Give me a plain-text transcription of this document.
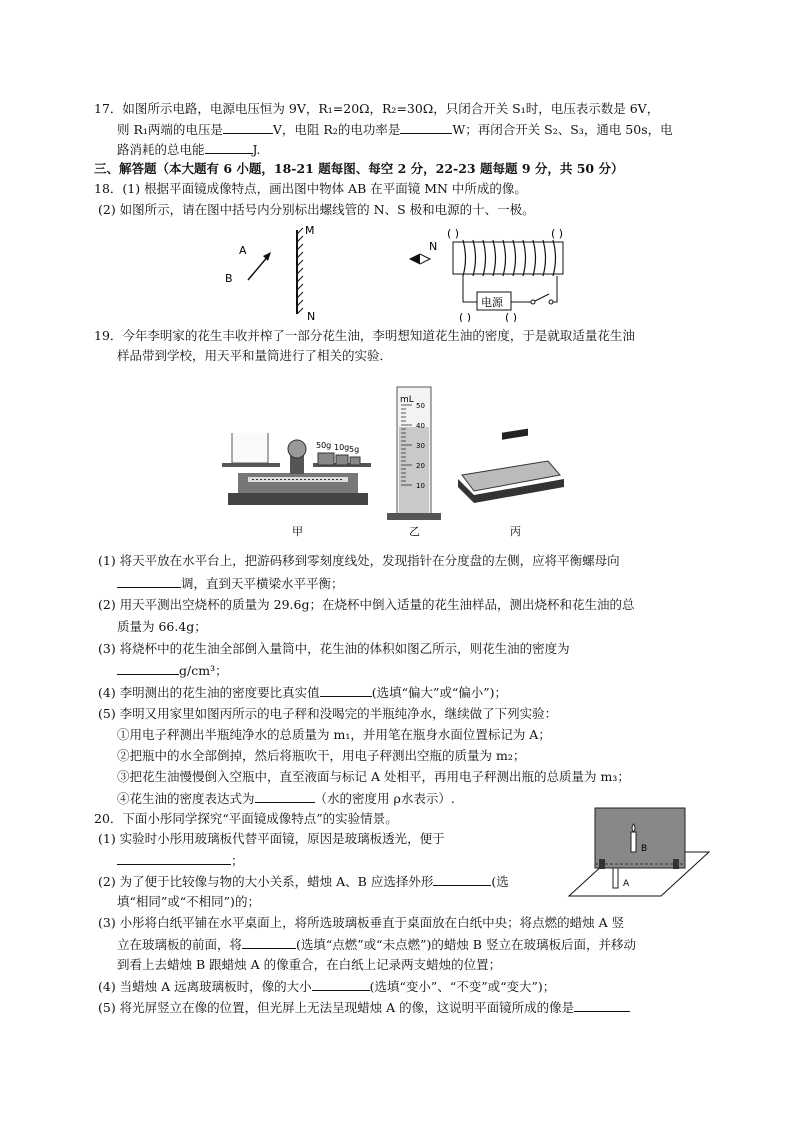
17．如图所示电路，电源电压恒为 9V，R₁=20Ω，R₂=30Ω，只闭合开关 S₁时，电压表示数是 6V，
则 R₁两端的电压是	V，电阻 R₂的电功率是	W；再闭合开关 S₂、S₃，通电 50s，电
路消耗的总电能	J.
三、解答题（本大题有 6 小题，18-21 题每图、每空 2 分，22-23 题每题 9 分，共 50 分）
18．(1) 根据平面镜成像特点，画出图中物体 AB 在平面镜 MN 中所成的像。
(2) 如图所示，请在图中括号内分别标出螺线管的 N、S 极和电源的十、一极。
M
N
A
B
N
电源
( )	( )
( )	( )
19．今年李明家的花生丰收并榨了一部分花生油，李明想知道花生油的密度，于是就取适量花生油
样品带到学校，用天平和量筒进行了相关的实验．
50g 10g 5g
甲
mL
50
40
30
20
10
乙	丙
(1) 将天平放在水平台上，把游码移到零刻度线处，发现指针在分度盘的左侧，应将平衡螺母向
调，直到天平横梁水平平衡；
(2) 用天平测出空烧杯的质量为 29.6g；在烧杯中倒入适量的花生油样品，测出烧杯和花生油的总
质量为 66.4g；
(3) 将烧杯中的花生油全部倒入量筒中，花生油的体积如图乙所示，则花生油的密度为
g/cm³；
(4) 李明测出的花生油的密度要比真实值	(选填“偏大”或“偏小”)；
(5) 李明又用家里如图丙所示的电子秤和没喝完的半瓶纯净水，继续做了下列实验：
①用电子秤测出半瓶纯净水的总质量为 m₁，并用笔在瓶身水面位置标记为 A；
②把瓶中的水全部倒掉，然后将瓶吹干，用电子秤测出空瓶的质量为 m₂；
③把花生油慢慢倒入空瓶中，直至液面与标记 A 处相平，再用电子秤测出瓶的总质量为 m₃；
④花生油的密度表达式为	（水的密度用 ρ水表示）.
20．下面小彤同学探究“平面镜成像特点”的实验情景。
(1) 实验时小彤用玻璃板代替平面镜，原因是玻璃板透光，便于
；
(2) 为了便于比较像与物的大小关系，蜡烛 A、B 应选择外形	(选
填“相同”或“不相同”)的；
(3) 小彤将白纸平铺在水平桌面上，将所选玻璃板垂直于桌面放在白纸中央；将点燃的蜡烛 A 竖
立在玻璃板的前面，将	(选填“点燃”或“未点燃”)的蜡烛 B 竖立在玻璃板后面，并移动
到看上去蜡烛 B 跟蜡烛 A 的像重合，在白纸上记录两支蜡烛的位置；
(4) 当蜡烛 A 远离玻璃板时，像的大小	(选填“变小”、“不变”或“变大”)；
(5) 将光屏竖立在像的位置，但光屏上无法呈现蜡烛 A 的像，这说明平面镜所成的像是
B
A
